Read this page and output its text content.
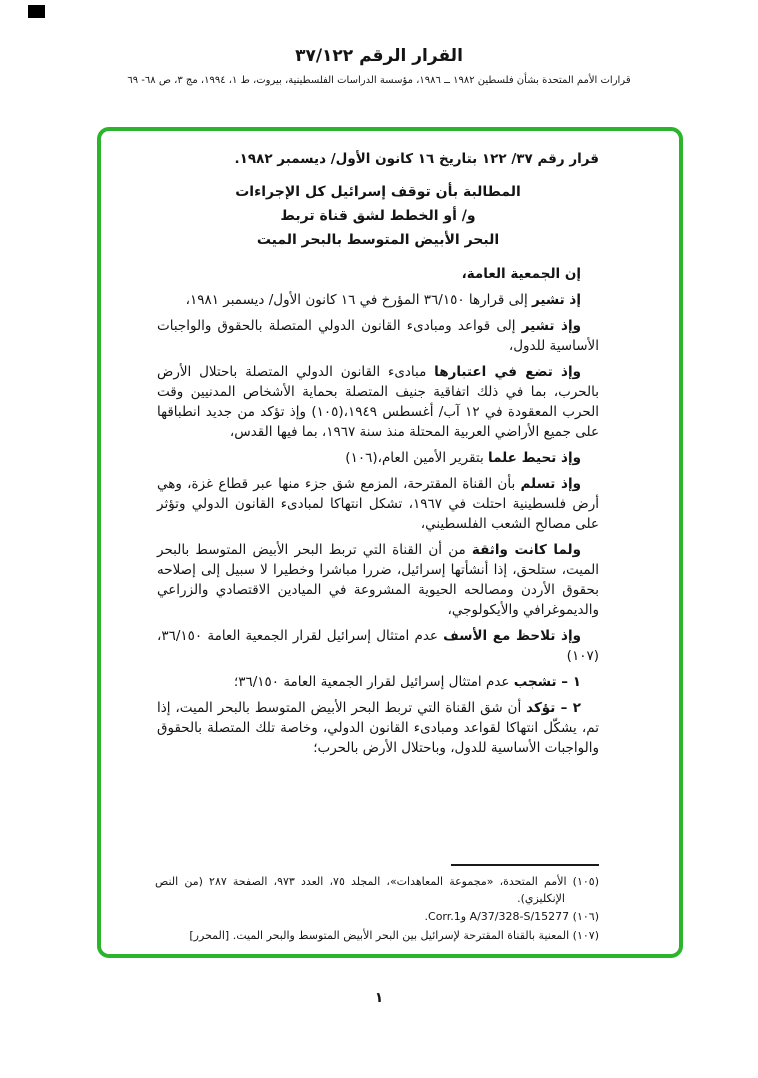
القرار الرقم ٣٧/١٢٢
قرارات الأمم المتحدة بشأن فلسطين ١٩٨٢ ــ ١٩٨٦، مؤسسة الدراسات الفلسطينية، بيروت، ط ١، ١٩٩٤، مج ٣، ص ٦٨- ٦٩
قرار رقم ٣٧/ ١٢٢ بتاريخ ١٦ كانون الأول/ ديسمبر ١٩٨٢.
المطالبة بأن توقف إسرائيل كل الإجراءات
و/ أو الخطط لشق قناة تربط
البحر الأبيض المتوسط بالبحر الميت

إن الجمعية العامة،

إذ تشير إلى قرارها ٣٦/١٥٠ المؤرخ في ١٦ كانون الأول/ ديسمبر ١٩٨١،

وإذ تشير إلى قواعد ومبادىء القانون الدولي المتصلة بالحقوق والواجبات الأساسية للدول،

وإذ تضع في اعتبارها مبادىء القانون الدولي المتصلة باحتلال الأرض بالحرب، بما في ذلك اتفاقية جنيف المتصلة بحماية الأشخاص المدنيين وقت الحرب المعقودة في ١٢ آب/ أغسطس ١٩٤٩،(١٠٥) وإذ تؤكد من جديد انطباقها على جميع الأراضي العربية المحتلة منذ سنة ١٩٦٧، بما فيها القدس،

وإذ تحيط علما بتقرير الأمين العام،(١٠٦)

وإذ تسلم بأن القناة المقترحة، المزمع شق جزء منها عبر قطاع غزة، وهي أرض فلسطينية احتلت في ١٩٦٧، تشكل انتهاكا لمبادىء القانون الدولي وتؤثر على مصالح الشعب الفلسطيني،

ولما كانت واثقة من أن القناة التي تربط البحر الأبيض المتوسط بالبحر الميت، ستلحق، إذا أنشأتها إسرائيل، ضررا مباشرا وخطيرا لا سبيل إلى إصلاحه بحقوق الأردن ومصالحه الحيوية المشروعة في الميادين الاقتصادي والزراعي والديموغرافي والأيكولوجي،

وإذ تلاحظ مع الأسف عدم امتثال إسرائيل لقرار الجمعية العامة ٣٦/١٥٠،(١٠٧)

١ – تشجب عدم امتثال إسرائيل لقرار الجمعية العامة ٣٦/١٥٠؛

٢ – تؤكد أن شق القناة التي تربط البحر الأبيض المتوسط بالبحر الميت، إذا تم، يشكّل انتهاكا لقواعد ومبادىء القانون الدولي، وخاصة تلك المتصلة بالحقوق والواجبات الأساسية للدول، وباحتلال الأرض بالحرب؛

(١٠٥) الأمم المتحدة، «مجموعة المعاهدات»، المجلد ٧٥، العدد ٩٧٣، الصفحة ٢٨٧ (من النص الإنكليزي).

(١٠٦) A/37/328-S/15277 وCorr.1.

(١٠٧) المعنية بالقناة المقترحة لإسرائيل بين البحر الأبيض المتوسط والبحر الميت. [المحرر]

١
